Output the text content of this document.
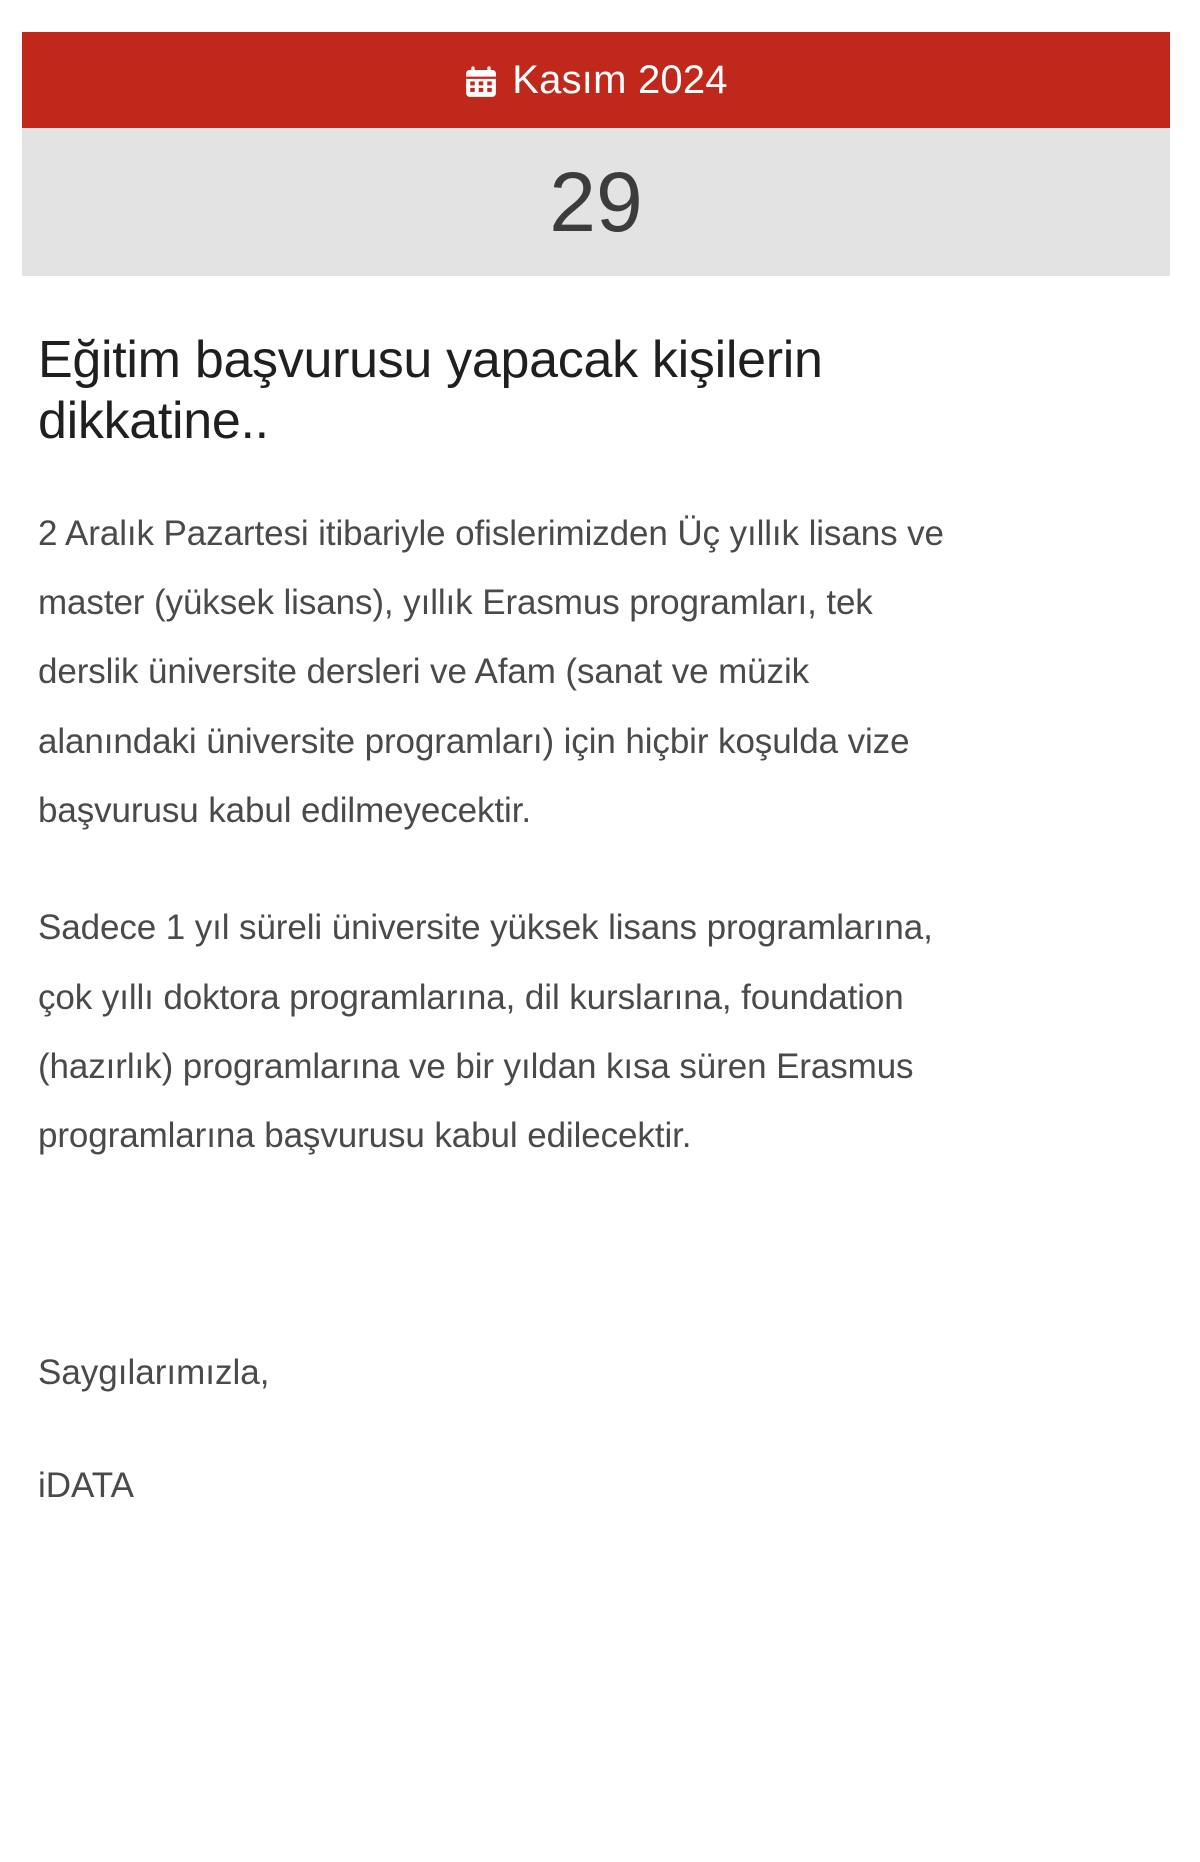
Kasım 2024
29
Eğitim başvurusu yapacak kişilerin dikkatine..

2 Aralık Pazartesi itibariyle ofislerimizden Üç yıllık lisans ve master (yüksek lisans), yıllık Erasmus programları, tek derslik üniversite dersleri ve Afam (sanat ve müzik alanındaki üniversite programları) için hiçbir koşulda vize başvurusu kabul edilmeyecektir.

Sadece 1 yıl süreli üniversite yüksek lisans programlarına, çok yıllı doktora programlarına, dil kurslarına, foundation (hazırlık) programlarına ve bir yıldan kısa süren Erasmus programlarına başvurusu kabul edilecektir.

Saygılarımızla,

iDATA
